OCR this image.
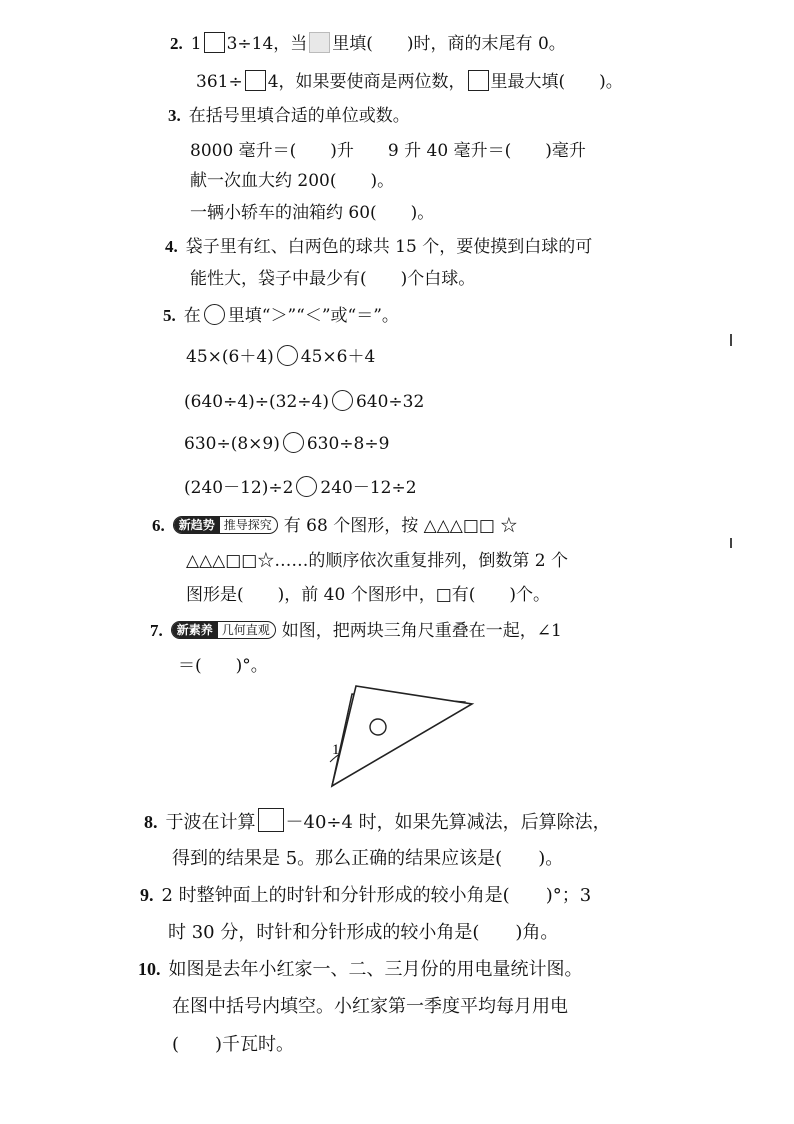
2. 1 3÷14，当 里填(　　)时，商的末尾有 0。
361÷ 4，如果要使商是两位数， 里最大填(　　)。
3. 在括号里填合适的单位或数。
8000 毫升＝(　　)升　　9 升 40 毫升＝(　　)毫升
献一次血大约 200(　　)。
一辆小轿车的油箱约 60(　　)。
4. 袋子里有红、白两色的球共 15 个，要使摸到白球的可
能性大，袋子中最少有(　　)个白球。
5. 在 里填“＞”“＜”或“＝”。
45×(6＋4) 45×6＋4
(640÷4)÷(32÷4) 640÷32
630÷(8×9) 630÷8÷9
(240－12)÷2 240－12÷2
6. 新趋势 推导探究 有 68 个图形，按 △△△□□ ☆
△△△□□☆……的顺序依次重复排列，倒数第 2 个
图形是(　　)，前 40 个图形中，□有(　　)个。
7. 新素养 几何直观 如图，把两块三角尺重叠在一起，∠1
＝(　　)°。
1
8. 于波在计算 －40÷4 时，如果先算减法，后算除法，
得到的结果是 5。那么正确的结果应该是(　　)。
9. 2 时整钟面上的时针和分针形成的较小角是(　　)°；3
时 30 分，时针和分针形成的较小角是(　　)角。
10. 如图是去年小红家一、二、三月份的用电量统计图。
在图中括号内填空。小红家第一季度平均每月用电
(　　)千瓦时。
